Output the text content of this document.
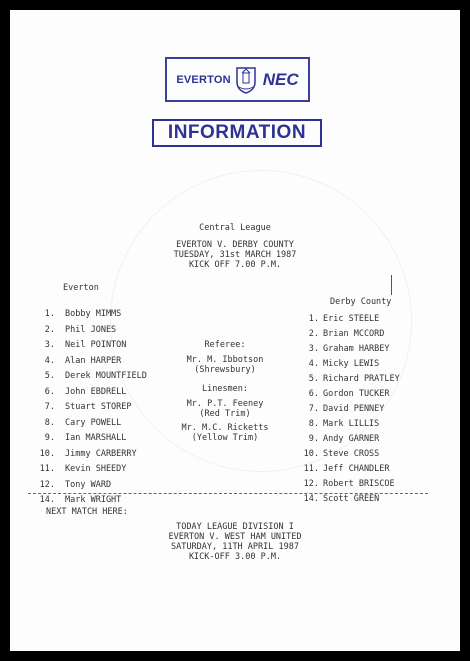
EVERTON NEC
INFORMATION
Central League
EVERTON V. DERBY COUNTY
TUESDAY, 31st MARCH 1987
KICK OFF 7.00 P.M.
Everton
Derby County
1. Bobby MIMMS
2. Phil JONES
3. Neil POINTON
4. Alan HARPER
5. Derek MOUNTFIELD
6. John EBDRELL
7. Stuart STOREP
8. Cary POWELL
9. Ian MARSHALL
10. Jimmy CARBERRY
11. Kevin SHEEDY
12. Tony WARD
14. Mark WRIGHT
1. Eric STEELE
2. Brian MCCORD
3. Graham HARBEY
4. Micky LEWIS
5. Richard PRATLEY
6. Gordon TUCKER
7. David PENNEY
8. Mark LILLIS
9. Andy GARNER
10. Steve CROSS
11. Jeff CHANDLER
12. Robert BRISCOE
14. Scott GREEN
Referee:
Mr. M. Ibbotson
(Shrewsbury)
Linesmen:
Mr. P.T. Feeney
(Red Trim)
Mr. M.C. Ricketts
(Yellow Trim)
NEXT MATCH HERE:
TODAY LEAGUE DIVISION I
EVERTON V. WEST HAM UNITED
SATURDAY, 11TH APRIL 1987
KICK-OFF 3.00 P.M.
